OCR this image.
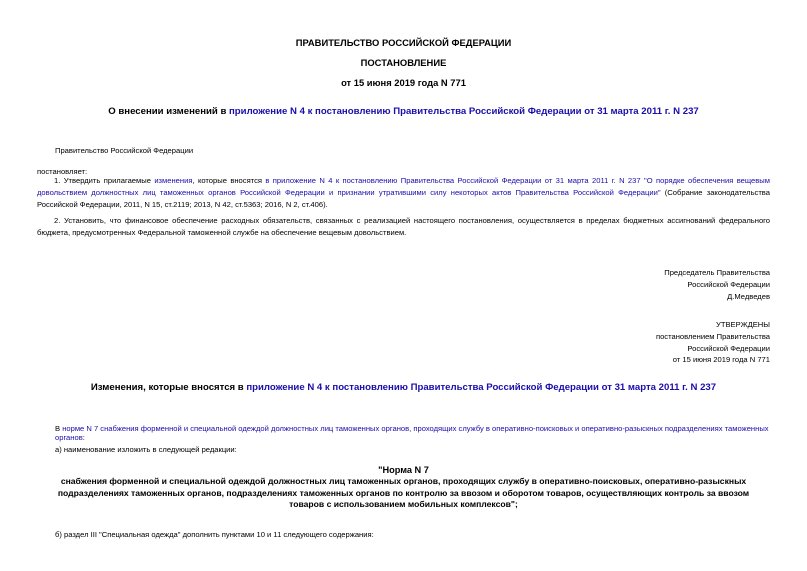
ПРАВИТЕЛЬСТВО РОССИЙСКОЙ ФЕДЕРАЦИИ
ПОСТАНОВЛЕНИЕ
от 15 июня 2019 года N 771
О внесении изменений в приложение N 4 к постановлению Правительства Российской Федерации от 31 марта 2011 г. N 237
Правительство Российской Федерации
постановляет:
1. Утвердить прилагаемые изменения, которые вносятся в приложение N 4 к постановлению Правительства Российской Федерации от 31 марта 2011 г. N 237 "О порядке обеспечения вещевым довольствием должностных лиц таможенных органов Российской Федерации и признании утратившими силу некоторых актов Правительства Российской Федерации" (Собрание законодательства Российской Федерации, 2011, N 15, ст.2119; 2013, N 42, ст.5363; 2016, N 2, ст.406).
2. Установить, что финансовое обеспечение расходных обязательств, связанных с реализацией настоящего постановления, осуществляется в пределах бюджетных ассигнований федерального бюджета, предусмотренных Федеральной таможенной службе на обеспечение вещевым довольствием.
Председатель Правительства
Российской Федерации
Д.Медведев
УТВЕРЖДЕНЫ
постановлением Правительства
Российской Федерации
от 15 июня 2019 года N 771
Изменения, которые вносятся в приложение N 4 к постановлению Правительства Российской Федерации от 31 марта 2011 г. N 237
В норме N 7 снабжения форменной и специальной одеждой должностных лиц таможенных органов, проходящих службу в оперативно-поисковых и оперативно-разыскных подразделениях таможенных органов:
а) наименование изложить в следующей редакции:
"Норма N 7
снабжения форменной и специальной одеждой должностных лиц таможенных органов, проходящих службу в оперативно-поисковых, оперативно-разыскных подразделениях таможенных органов, подразделениях таможенных органов по контролю за ввозом и оборотом товаров, осуществляющих контроль за ввозом товаров с использованием мобильных комплексов";
б) раздел III "Специальная одежда" дополнить пунктами 10 и 11 следующего содержания:
